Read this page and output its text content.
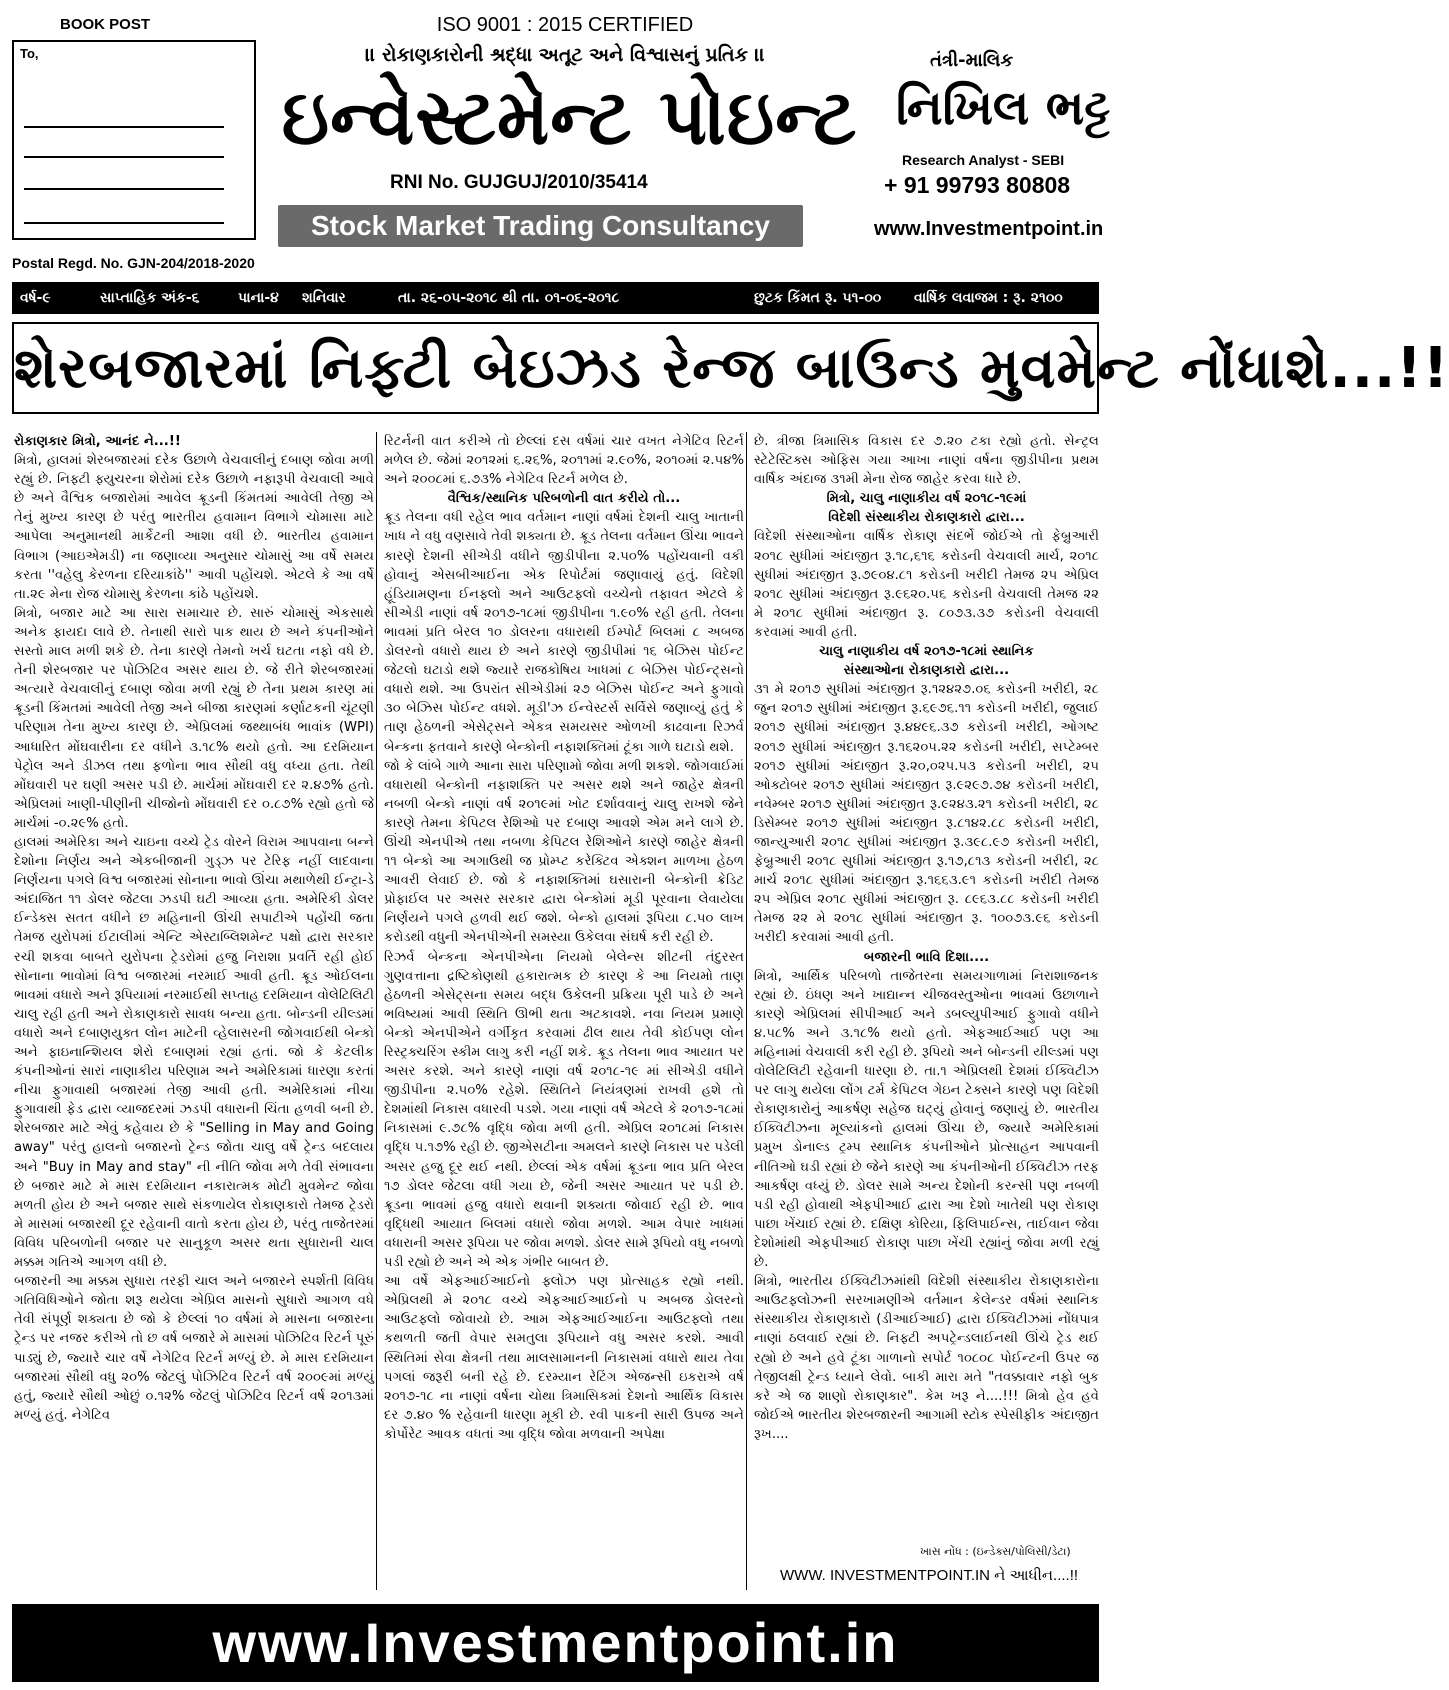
BOOK POST	ISO 9001 : 2015 CERTIFIED
To,
Postal Regd. No. GJN-204/2018-2020
।। રોકાણકારોની શ્રદ્ધા અતૂટ અને વિશ્વાસનું પ્રતિક ।।
ઇન્વેસ્ટમેન્ટ પોઇન્ટ
RNI No. GUJGUJ/2010/35414
Stock Market Trading Consultancy
તંત્રી-માલિક
નિખિલ ભટ્ટ
Research Analyst - SEBI
+ 91 99793 80808
www.Investmentpoint.in
વર્ષ-૯	સાપ્તાહિક અંક-૬	પાના-૪ શનિવાર	તા. ૨૬-૦૫-૨૦૧૮ થી તા. ૦૧-૦૬-૨૦૧૮	છુટક કિંમત રૂ. ૫૧-૦૦ વાર્ષિક લવાજમ : રૂ. ૨૧૦૦
શેરબજારમાં નિફ્ટી બેઇઝડ રેન્જ બાઉન્ડ મુવમેન્ટ નોંધાશે...!!

રોકાણકાર મિત્રો, આનંદ ને...!!

મિત્રો, હાલમાં શેરબજારમાં દરેક ઉછાળે વેચવાલીનું દબાણ જોવા મળી રહ્યું છે. નિફ્ટી ફ્યુચરના શેરોમાં દરેક ઉછાળે નફારૂપી વેચવાલી આવે છે અને વૈશ્વિક બજારોમાં આવેલ ક્રૂડની કિંમતમાં આવેલી તેજી એ તેનું મુખ્ય કારણ છે પરંતુ ભારતીય હવામાન વિભાગે ચોમાસા માટે આપેલા અનુમાનથી માર્કેટની આશા વધી છે. ભારતીય હવામાન વિભાગ (આઇએમડી) ના જણાવ્યા અનુસાર ચોમાસું આ વર્ષે સમય કરતા ''વહેલુ કેરળના દરિયાકાંઠે'' આવી પહોંચશે. એટલે કે આ વર્ષે તા.૨૯ મેના રોજ ચોમાસુ કેરળના કાંઠે પહોંચશે.

મિત્રો, બજાર માટે આ સારા સમાચાર છે. સારું ચોમાસું એકસાથે અનેક ફાયદા લાવે છે. તેનાથી સારો પાક થાય છે અને કંપનીઓને સસ્તો માલ મળી શકે છે. તેના કારણે તેમનો ખર્ચ ઘટતા નફો વધે છે. તેની શેરબજાર પર પોઝિટિવ અસર થાય છે. જે રીતે શેરબજારમાં અત્યારે વેચવાલીનું દબાણ જોવા મળી રહ્યું છે તેના પ્રથમ કારણ માં ક્રૂડની કિંમતમાં આવેલી તેજી અને બીજા કારણમાં કર્ણાટકની ચૂંટણી પરિણામ તેના મુખ્ય કારણ છે. એપ્રિલમાં જથ્થાબંધ ભાવાંક (WPI) આધારિત મોંઘવારીના દર વધીને ૩.૧૮% થયો હતો. આ દરમિયાન પેટ્રોલ અને ડીઝલ તથા ફળોના ભાવ સૌથી વધુ વધ્યા હતા. તેથી મોંઘવારી પર ઘણી અસર પડી છે. માર્ચમાં મોંઘવારી દર ૨.૪૭% હતો. એપ્રિલમાં ખાણી-પીણીની ચીજોનો મોંઘવારી દર ૦.૮૭% રહ્યો હતો જે માર્ચમાં -૦.૨૯% હતો.

હાલમાં અમેરિકા અને ચાઇના વચ્ચે ટ્રેડ વોરને વિરામ આપવાના બન્ને દેશોના નિર્ણય અને એકબીજાની ગુડ્ઝ પર ટેરિફ નહીં લાદવાના નિર્ણયના પગલે વિશ્વ બજારમાં સોનાના ભાવો ઊંચા મથાળેથી ઈન્ટ્રા-ડે અંદાજિત ૧૧ ડોલર જેટલા ઝડપી ઘટી આવ્યા હતા. અમેરિકી ડોલર ઈન્ડેક્સ સતત વધીને છ મહિનાની ઊંચી સપાટીએ પહોંચી જતા તેમજ યુરોપમાં ઈટાલીમાં એન્ટિ એસ્ટાબ્લિશમેન્ટ પક્ષો દ્વારા સરકાર રચી શકવા બાબતે યુરોપના ટ્રેડરોમાં હજુ નિરાશા પ્રવર્તિ રહી હોઈ સોનાના ભાવોમાં વિશ્વ બજારમાં નરમાઈ આવી હતી. ક્રૂડ ઓઈલના ભાવમાં વધારો અને રૂપિયામાં નરમાઈથી સપ્તાહ દરમિયાન વોલેટિલિટી ચાલુ રહી હતી અને રોકાણકારો સાવધ બન્યા હતા. બોન્ડની યીલ્ડમાં વધારો અને દબાણયુક્ત લોન માટેની વ્હેલાસરની જોગવાઈથી બેન્કો અને ફાઇનાન્શિયલ શેરો દબાણમાં રહ્યાં હતાં. જો કે કેટલીક કંપનીઓનાં સારાં નાણાકીય પરિણામ અને અમેરિકામાં ધારણા કરતાં નીચા ફુગાવાથી બજારમાં તેજી આવી હતી. અમેરિકામાં નીચા ફુગાવાથી ફેડ દ્વારા વ્યાજદરમાં ઝડપી વધારાની ચિંતા હળવી બની છે. શેરબજાર માટે એવું કહેવાય છે કે "Selling in May and Going away" પરંતુ હાલનો બજારનો ટ્રેન્ડ જોતા ચાલુ વર્ષે ટ્રેન્ડ બદલાય અને "Buy in May and stay" ની નીતિ જોવા મળે તેવી સંભાવના છે બજાર માટે મે માસ દરમિયાન નકારાત્મક મોટી મુવમેન્ટ જોવા મળતી હોય છે અને બજાર સાથે સંકળાયેલ રોકાણકારો તેમજ ટ્રેડરો મે માસમાં બજારથી દૂર રહેવાની વાતો કરતા હોય છે, પરંતુ તાજેતરમાં વિવિધ પરિબળોની બજાર પર સાનુકૂળ અસર થતા સુધારાની ચાલ મક્કમ ગતિએ આગળ વધી છે.

બજારની આ મક્કમ સુધારા તરફી ચાલ અને બજારને સ્પર્શતી વિવિધ ગતિવિધિઓને જોતા શરૂ થયેલા એપ્રિલ માસનો સુધારો આગળ વધે તેવી સંપૂર્ણ શક્યતા છે જો કે છેલ્લાં ૧૦ વર્ષમાં મે માસના બજારના ટ્રેન્ડ પર નજર કરીએ તો છ વર્ષ બજારે મે માસમાં પોઝિટિવ રિટર્ન પૂરું પાડ્યું છે, જ્યારે ચાર વર્ષે નેગેટિવ રિટર્ન મળ્યું છે. મે માસ દરમિયાન બજારમાં સૌથી વધુ ૨૦% જેટલું પોઝિટિવ રિટર્ન વર્ષ ૨૦૦૯માં મળ્યું હતું, જ્યારે સૌથી ઓછું ૦.૧૨% જેટલું પોઝિટિવ રિટર્ન વર્ષ ૨૦૧૩માં મળ્યું હતું. નેગેટિવ

રિટર્નની વાત કરીએ તો છેલ્લાં દસ વર્ષમાં ચાર વખત નેગેટિવ રિટર્ન મળેલ છે. જેમાં ૨૦૧૨માં ૬.૨૬%, ૨૦૧૧માં ૨.૯૦%, ૨૦૧૦માં ૨.૫૪% અને ૨૦૦૮માં ૬.૭૩% નેગેટિવ રિટર્ન મળેલ છે.

વૈશ્વિક/સ્થાનિક પરિબળોની વાત કરીયે તો...

ક્રૂડ તેલના વધી રહેલ ભાવ વર્તમાન નાણાં વર્ષમાં દેશની ચાલુ ખાતાની ખાધ ને વધુ વણસાવે તેવી શક્યતા છે. ક્રૂડ તેલના વર્તમાન ઊંચા ભાવને કારણે દેશની સીએડી વધીને જીડીપીના ૨.૫૦% પહોંચવાની વકી હોવાનું એસબીઆઈના એક રિપોર્ટમાં જણાવાયું હતું. વિદેશી હૂંડિયામણના ઈનફ્લો અને આઉટફ્લો વચ્ચેનો તફાવત એટલે કે સીએડી નાણાં વર્ષ ૨૦૧૭-૧૮માં જીડીપીના ૧.૯૦% રહી હતી. તેલના ભાવમાં પ્રતિ બેરલ ૧૦ ડોલરના વધારાથી ઈમ્પોર્ટ બિલમાં ૮ અબજ ડોલરનો વધારો થાય છે અને કારણે જીડીપીમાં ૧૬ બેઝિસ પોઈન્ટ જેટલો ઘટાડો થશે જ્યારે રાજકોષિય ખાધમાં ૮ બેઝિસ પોઈન્ટ્સનો વધારો થશે. આ ઉપરાંત સીએડીમાં ૨૭ બેઝિસ પોઈન્ટ અને ફુગાવો ૩૦ બેઝિસ પોઈન્ટ વધશે. મૂડી'ઝ ઈન્વેસ્ટર્સ સર્વિસે જણાવ્યું હતું કે તાણ હેઠળની એસેટ્સને એકત્ર સમયસર ઓળખી કાઢવાના રિઝર્વ બેન્કના ફતવાને કારણે બેન્કોની નફાશક્તિમાં ટૂંકા ગાળે ઘટાડો થશે.

જો કે લાંબે ગાળે આના સારા પરિણામો જોવા મળી શકશે. જોગવાઈમાં વધારાથી બેન્કોની નફાશક્તિ પર અસર થશે અને જાહેર ક્ષેત્રની નબળી બેન્કો નાણાં વર્ષ ૨૦૧૯માં ખોટ દર્શાવવાનું ચાલુ રાખશે જેને કારણે તેમના કેપિટલ રેશિઓ પર દબાણ આવશે એમ મને લાગે છે. ઊંચી એનપીએ તથા નબળા કેપિટલ રેશિઓને કારણે જાહેર ક્ષેત્રની ૧૧ બેન્કો આ અગાઉથી જ પ્રોમ્પ્ટ કરેક્ટિવ એક્શન માળખા હેઠળ આવરી લેવાઈ છે. જો કે નફાશક્તિમાં ઘસારાની બેન્કોની ક્રેડિટ પ્રોફાઈલ પર અસર સરકાર દ્વારા બેન્કોમાં મૂડી પૂરવાના લેવાયેલા નિર્ણયને પગલે હળવી થઈ જશે. બેન્કો હાલમાં રૂપિયા ૮.૫૦ લાખ કરોડથી વધુની એનપીએની સમસ્યા ઉકેલવા સંઘર્ષ કરી રહી છે.

રિઝર્વ બેન્કના એનપીએના નિયમો બેલેન્સ શીટની તંદુરસ્ત ગુણવત્તાના દ્રષ્ટિકોણથી હકારાત્મક છે કારણ કે આ નિયમો તાણ હેઠળની એસેટ્સના સમય બદ્ધ ઉકેલની પ્રક્રિયા પૂરી પાડે છે અને ભવિષ્યમાં આવી સ્થિતિ ઊભી થતા અટકાવશે. નવા નિયમ પ્રમાણે બેન્કો એનપીએને વર્ગીકૃત કરવામાં ઢીલ થાય તેવી કોઈપણ લોન રિસ્ટ્રક્ચરિંગ સ્કીમ લાગુ કરી નહીં શકે. ક્રૂડ તેલના ભાવ આયાત પર અસર કરશે. અને કારણે નાણાં વર્ષ ૨૦૧૮-૧૯ માં સીએડી વધીને જીડીપીના ૨.૫૦% રહેશે. સ્થિતિને નિયંત્રણમાં રાખવી હશે તો દેશમાંથી નિકાસ વધારવી પડશે. ગયા નાણાં વર્ષ એટલે કે ૨૦૧૭-૧૮માં નિકાસમાં ૯.૭૮% વૃદ્ધિ જોવા મળી હતી. એપ્રિલ ૨૦૧૮માં નિકાસ વૃદ્ધિ ૫.૧૭% રહી છે. જીએસટીના અમલને કારણે નિકાસ પર પડેલી અસર હજુ દૂર થઈ નથી. છેલ્લાં એક વર્ષમાં ક્રૂડના ભાવ પ્રતિ બેરલ ૧૭ ડોલર જેટલા વધી ગયા છે, જેની અસર આયાત પર પડી છે. ક્રૂડના ભાવમાં હજુ વધારો થવાની શક્યતા જોવાઈ રહી છે. ભાવ વૃદ્ધિથી આયાત બિલમાં વધારો જોવા મળશે. આમ વેપાર ખાધમાં વધારાની અસર રૂપિયા પર જોવા મળશે. ડોલર સામે રૂપિયો વધુ નબળો પડી રહ્યો છે અને એ એક ગંભીર બાબત છે.

આ વર્ષે એફઆઈઆઈનો ફ્લોઝ પણ પ્રોત્સાહક રહ્યો નથી. એપ્રિલથી મે ૨૦૧૮ વચ્ચે એફઆઈઆઈનો ૫ અબજ ડોલરનો આઉટફ્લો જોવાયો છે. આમ એફઆઈઆઈના આઉટફ્લો તથા કથળતી જતી વેપાર સમતુલા રૂપિયાને વધુ અસર કરશે. આવી સ્થિતિમાં સેવા ક્ષેત્રની તથા માલસામાનની નિકાસમાં વધારો થાય તેવા પગલાં જરૂરી બની રહે છે. દરમ્યાન રેટિંગ એજન્સી ઇકરાએ વર્ષ ૨૦૧૭-૧૮ ના નાણાં વર્ષના ચોથા ત્રિમાસિકમાં દેશનો આર્થિક વિકાસ દર ૭.૪૦ % રહેવાની ધારણા મૂકી છે. રવી પાકની સારી ઉપજ અને કોર્પોરેટ આવક વધતાં આ વૃદ્ધિ જોવા મળવાની અપેક્ષા

છે. ત્રીજા ત્રિમાસિક વિકાસ દર ૭.૨૦ ટકા રહ્યો હતો. સેન્ટ્રલ સ્ટેટેસ્ટિક્સ ઓફિસ ગયા આખા નાણાં વર્ષના જીડીપીના પ્રથમ વાર્ષિક અંદાજ ૩૧મી મેના રોજ જાહેર કરવા ધારે છે.

મિત્રો, ચાલુ નાણાકીય વર્ષ ૨૦૧૮-૧૯માં
વિદેશી સંસ્થાકીય રોકાણકારો દ્વારા...

વિદેશી સંસ્થાઓના વાર્ષિક રોકાણ સંદર્ભે જોઈએ તો ફેબ્રુઆરી ૨૦૧૮ સુધીમાં અંદાજીત રૂ.૧૮,૬૧૬ કરોડની વેચવાલી માર્ચ, ૨૦૧૮ સુધીમાં અંદાજીત રૂ.૭૯૦૪.૮૧ કરોડની ખરીદી તેમજ ૨૫ એપ્રિલ ૨૦૧૮ સુધીમાં અંદાજીત રૂ.૯૬૨૦.૫૬ કરોડની વેચવાલી તેમજ ૨૨ મે ૨૦૧૮ સુધીમાં અંદાજીત રૂ. ૮૦૭૩.૩૭ કરોડની વેચવાલી કરવામાં આવી હતી.

ચાલુ નાણાકીય વર્ષ ૨૦૧૭-૧૮માં સ્થાનિક
સંસ્થાઓના રોકાણકારો દ્વારા...

૩૧ મે ૨૦૧૭ સુધીમાં અંદાજીત રૂ.૧૨૪૨૭.૦૬ કરોડની ખરીદી, ૨૮ જુન ૨૦૧૭ સુધીમાં અંદાજીત રૂ.૬૯૭૬.૧૧ કરોડની ખરીદી, જુલાઈ ૨૦૧૭ સુધીમાં અંદાજીત રૂ.૪૪૯૬.૩૭ કરોડની ખરીદી, ઓગષ્ટ ૨૦૧૭ સુધીમાં અંદાજીત રૂ.૧૬૨૦૫.૨૨ કરોડની ખરીદી, સપ્ટેમ્બર ૨૦૧૭ સુધીમાં અંદાજીત રૂ.૨૦,૦૨૫.૫૩ કરોડની ખરીદી, ૨૫ ઓક્ટોબર ૨૦૧૭ સુધીમાં અંદાજીત રૂ.૯૨૯૭.૭૪ કરોડની ખરીદી, નવેમ્બર ૨૦૧૭ સુધીમાં અંદાજીત રૂ.૯૨૪૩.૨૧ કરોડની ખરીદી, ૨૮ ડિસેમ્બર ૨૦૧૭ સુધીમાં અંદાજીત રૂ.૮૧૪૨.૮૮ કરોડની ખરીદી, જાન્યુઆરી ૨૦૧૮ સુધીમાં અંદાજીત રૂ.૩૯૮.૯૭ કરોડની ખરીદી, ફેબ્રુઆરી ૨૦૧૮ સુધીમાં અંદાજીત રૂ.૧૭,૮૧૩ કરોડની ખરીદી, ૨૮ માર્ચ ૨૦૧૮ સુધીમાં અંદાજીત રૂ.૧૬૬૩.૯૧ કરોડની ખરીદી તેમજ ૨૫ એપ્રિલ ૨૦૧૮ સુધીમાં અંદાજીત રૂ. ૮૯૬૩.૮૮ કરોડની ખરીદી તેમજ ૨૨ મે ૨૦૧૮ સુધીમાં અંદાજીત રૂ. ૧૦૦૭૩.૯૬ કરોડની ખરીદી કરવામાં આવી હતી.

બજારની ભાવિ દિશા....

મિત્રો, આર્થિક પરિબળો તાજેતરના સમયગાળામાં નિરાશાજનક રહ્યાં છે. ઇંધણ અને ખાદ્યાન્ન ચીજવસ્તુઓના ભાવમાં ઉછાળાને કારણે એપ્રિલમાં સીપીઆઈ અને ડબલ્યુપીઆઈ ફુગાવો વધીને ૪.૫૮% અને ૩.૧૮% થયો હતો. એફઆઈઆઈ પણ આ મહિનામાં વેચવાલી કરી રહી છે. રૂપિયો અને બોન્ડની યીલ્ડમાં પણ વોલેટિલિટી રહેવાની ધારણા છે. તા.૧ એપ્રિલથી દેશમાં ઈક્વિટીઝ પર લાગુ થયેલા લોંગ ટર્મ કેપિટલ ગેઇન ટેક્સને કારણે પણ વિદેશી રોકાણકારોનું આકર્ષણ સહેજ ઘટ્યું હોવાનું જણાયું છે. ભારતીય ઈક્વિટીઝના મૂલ્યાંકનો હાલમાં ઊંચા છે, જ્યારે અમેરિકામાં પ્રમુખ ડોનાલ્ડ ટ્રમ્પ સ્થાનિક કંપનીઓને પ્રોત્સાહન આપવાની નીતિઓ ઘડી રહ્યાં છે જેને કારણે આ કંપનીઓની ઈક્વિટીઝ તરફ આકર્ષણ વધ્યું છે. ડોલર સામે અન્ય દેશોની કરન્સી પણ નબળી પડી રહી હોવાથી એફપીઆઈ દ્વારા આ દેશો ખાતેથી પણ રોકાણ પાછા ખેંચાઈ રહ્યાં છે. દક્ષિણ કોરિયા, ફિલિપાઈન્સ, તાઈવાન જેવા દેશોમાંથી એફપીઆઈ રોકાણ પાછા ખેંચી રહ્યાંનું જોવા મળી રહ્યું છે.

મિત્રો, ભારતીય ઈક્વિટીઝમાંથી વિદેશી સંસ્થાકીય રોકાણકારોના આઉટફ્લોઝની સરખામણીએ વર્તમાન કેલેન્ડર વર્ષમાં સ્થાનિક સંસ્થાકીય રોકાણકારો (ડીઆઈઆઈ) દ્વારા ઈક્વિટીઝમાં નોંધપાત્ર નાણાં ઠલવાઈ રહ્યાં છે. નિફ્ટી અપટ્રેન્ડલાઈનથી ઊંચે ટ્રેડ થઈ રહ્યો છે અને હવે ટૂંકા ગાળાનો સપોર્ટ ૧૦૮૦૮ પોઈન્ટની ઉપર જ તેજીલક્ષી ટ્રેન્ડ ધ્યાને લેવો. બાકી મારા મતે "તવક્કાવાર નફો બુક કરે એ જ શાણો રોકાણકાર". કેમ ખરૂ ને....!!! મિત્રો હેવ હવે જોઈએ ભારતીય શેરબજારની આગામી સ્ટોક સ્પેસીફીક અંદાજીત રૂખ....

ખાસ નોંધ : (ઇન્ડેક્સ/પોલિસી/ડેટા)
WWW. INVESTMENTPOINT.IN ને આધીન....!!
www.Investmentpoint.in
